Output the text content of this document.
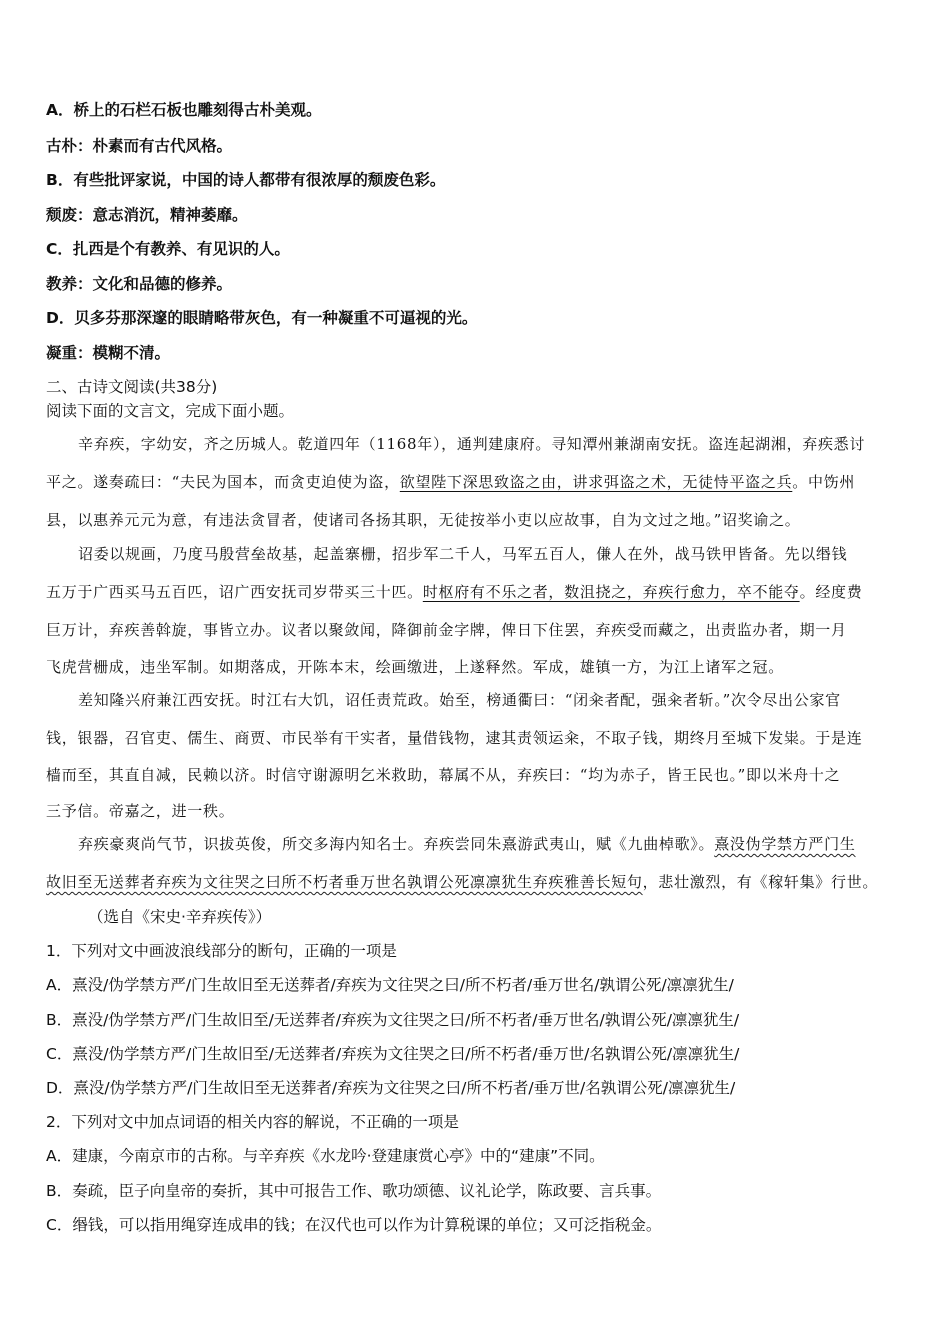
A．桥上的石栏石板也雕刻得古朴美观。
古朴：朴素而有古代风格。
B．有些批评家说，中国的诗人都带有很浓厚的颓废色彩。
颓废：意志消沉，精神萎靡。
C．扎西是个有教养、有见识的人。
教养：文化和品德的修养。
D．贝多芬那深邃的眼睛略带灰色，有一种凝重不可逼视的光。
凝重：模糊不清。
二、古诗文阅读(共38分)
阅读下面的文言文，完成下面小题。
辛弃疾，字幼安，齐之历城人。乾道四年（1168年），通判建康府。寻知潭州兼湖南安抚。盗连起湖湘，弃疾悉讨
平之。遂奏疏曰：“夫民为国本，而贪吏迫使为盗，欲望陛下深思致盗之由，讲求弭盗之术，无徒恃平盗之兵。中饬州
县，以惠养元元为意，有违法贪冒者，使诸司各扬其职，无徒按举小吏以应故事，自为文过之地。”诏奖谕之。
诏委以规画，乃度马殷营垒故基，起盖寨栅，招步军二千人，马军五百人，傔人在外，战马铁甲皆备。先以缗钱
五万于广西买马五百匹，诏广西安抚司岁带买三十匹。时枢府有不乐之者，数沮挠之，弃疾行愈力，卒不能夺。经度费
巨万计，弃疾善斡旋，事皆立办。议者以聚敛闻，降御前金字牌，俾日下住罢，弃疾受而藏之，出责监办者，期一月
飞虎营栅成，违坐军制。如期落成，开陈本末，绘画缴进，上遂释然。军成，雄镇一方，为江上诸军之冠。
差知隆兴府兼江西安抚。时江右大饥，诏任责荒政。始至，榜通衢曰：“闭籴者配，强籴者斩。”次令尽出公家官
钱，银器，召官吏、儒生、商贾、市民举有干实者，量借钱物，逮其责领运籴，不取子钱，期终月至城下发粜。于是连
樯而至，其直自减，民赖以济。时信守谢源明乞米救助，幕属不从，弃疾曰：“均为赤子，皆王民也。”即以米舟十之
三予信。帝嘉之，进一秩。
弃疾豪爽尚气节，识拔英俊，所交多海内知名士。弃疾尝同朱熹游武夷山，赋《九曲棹歌》。熹没伪学禁方严门生
故旧至无送葬者弃疾为文往哭之曰所不朽者垂万世名孰谓公死凛凛犹生弃疾雅善长短句，悲壮激烈，有《稼轩集》行世。
（选自《宋史·辛弃疾传》）
1．下列对文中画波浪线部分的断句，正确的一项是
A．熹没/伪学禁方严/门生故旧至无送葬者/弃疾为文往哭之曰/所不朽者/垂万世名/孰谓公死/凛凛犹生/
B．熹没/伪学禁方严/门生故旧至/无送葬者/弃疾为文往哭之曰/所不朽者/垂万世名/孰谓公死/凛凛犹生/
C．熹没/伪学禁方严/门生故旧至/无送葬者/弃疾为文往哭之曰/所不朽者/垂万世/名孰谓公死/凛凛犹生/
D．熹没/伪学禁方严/门生故旧至无送葬者/弃疾为文往哭之曰/所不朽者/垂万世/名孰谓公死/凛凛犹生/
2．下列对文中加点词语的相关内容的解说，不正确的一项是
A．建康，今南京市的古称。与辛弃疾《水龙吟·登建康赏心亭》中的“建康”不同。
B．奏疏，臣子向皇帝的奏折，其中可报告工作、歌功颂德、议礼论学，陈政要、言兵事。
C．缗钱，可以指用绳穿连成串的钱；在汉代也可以作为计算税课的单位；又可泛指税金。
